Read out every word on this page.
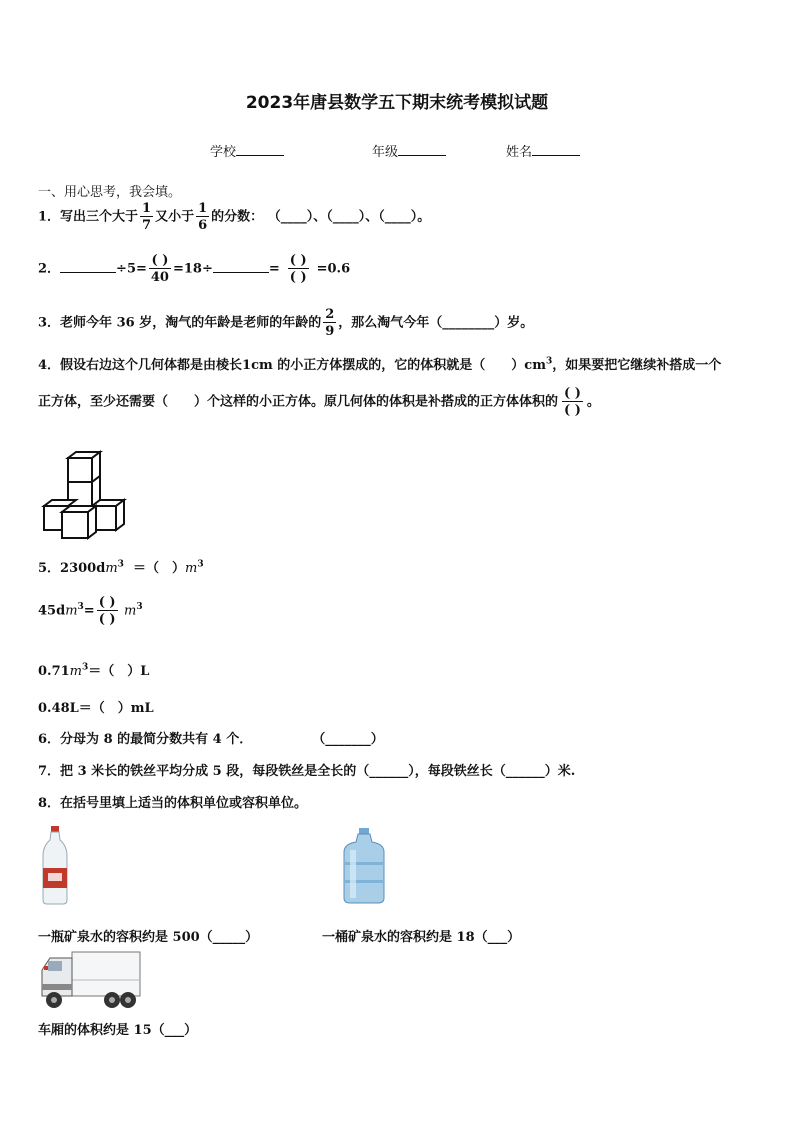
2023年唐县数学五下期末统考模拟试题
学校	年级	姓名
一、用心思考，我会填。
1．写出三个大于 $\frac{1}{7}$ 又小于 $\frac{1}{6}$ 的分数： （____）、（____）、（____）。
2．	$\div 5= \frac{( )}{40} =18\div$	= $\frac{( )}{( )} =0.6$
3．老师今年 36 岁，淘气的年龄是老师的年龄的 $\frac{2}{9}$ ，那么淘气今年（________）岁。
4．假设右边这个几何体都是由棱长1cm 的小正方体摆成的，它的体积就是（　　）$cm^3$，如果要把它继续补搭成一个
正方体，至少还需要（　　）个这样的小正方体。原几何体的体积是补搭成的正方体体积的 $\frac{( )}{( )}$ 。
5．$2300dm^3$ ＝（　）$m^3$
$45dm^3= \frac{( )}{( )} m^3$
$0.71m^3=$（　）L
0.48L＝（　）mL
6．分母为 8 的最简分数共有 4 个．	（_______）
7．把 3 米长的铁丝平均分成 5 段，每段铁丝是全长的（______），每段铁丝长（______）米.
8．在括号里填上适当的体积单位或容积单位。
一瓶矿泉水的容积约是 500（_____）	一桶矿泉水的容积约是 18（___）
车厢的体积约是 15（___）
